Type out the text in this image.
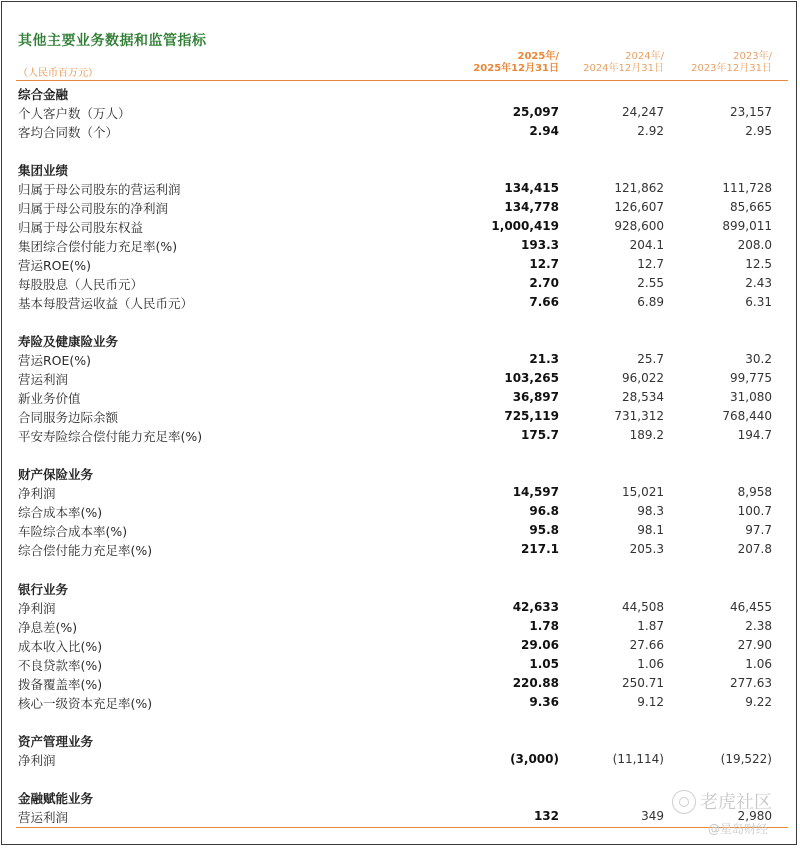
其他主要业务数据和监管指标
（人民币百万元）
2025年/
2025年12月31日
2024年/
2024年12月31日
2023年/
2023年12月31日
综合金融
个人客户数（万人）	25,097	24,247	23,157
客均合同数（个）	2.94	2.92	2.95
集团业绩
归属于母公司股东的营运利润	134,415	121,862	111,728
归属于母公司股东的净利润	134,778	126,607	85,665
归属于母公司股东权益	1,000,419	928,600	899,011
集团综合偿付能力充足率(%)	193.3	204.1	208.0
营运ROE(%)	12.7	12.7	12.5
每股股息（人民币元）	2.70	2.55	2.43
基本每股营运收益（人民币元）	7.66	6.89	6.31
寿险及健康险业务
营运ROE(%)	21.3	25.7	30.2
营运利润	103,265	96,022	99,775
新业务价值	36,897	28,534	31,080
合同服务边际余额	725,119	731,312	768,440
平安寿险综合偿付能力充足率(%)	175.7	189.2	194.7
财产保险业务
净利润	14,597	15,021	8,958
综合成本率(%)	96.8	98.3	100.7
车险综合成本率(%)	95.8	98.1	97.7
综合偿付能力充足率(%)	217.1	205.3	207.8
银行业务
净利润	42,633	44,508	46,455
净息差(%)	1.78	1.87	2.38
成本收入比(%)	29.06	27.66	27.90
不良贷款率(%)	1.05	1.06	1.06
拨备覆盖率(%)	220.88	250.71	277.63
核心一级资本充足率(%)	9.36	9.12	9.22
资产管理业务
净利润	(3,000)	(11,114)	(19,522)
金融赋能业务
营运利润	132	349	2,980
老虎社区
@星岛财经
